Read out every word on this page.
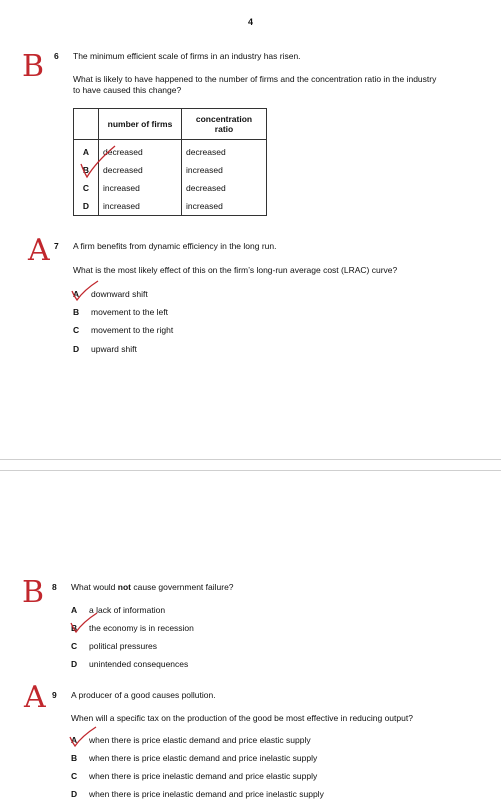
4
B 6 The minimum efficient scale of firms in an industry has risen.
What is likely to have happened to the number of firms and the concentration ratio in the industry
to have caused this change?
	number of firms	concentration
ratio
A	decreased	decreased
B	decreased	increased
C	increased	decreased
D	increased	increased
A 7 A firm benefits from dynamic efficiency in the long run.
What is the most likely effect of this on the firm’s long-run average cost (LRAC) curve?
A downward shift
B movement to the left
C movement to the right
D upward shift
B 8 What would not cause government failure?
A a lack of information
B the economy is in recession
C political pressures
D unintended consequences
A 9 A producer of a good causes pollution.
When will a specific tax on the production of the good be most effective in reducing output?
A when there is price elastic demand and price elastic supply
B when there is price elastic demand and price inelastic supply
C when there is price inelastic demand and price elastic supply
D when there is price inelastic demand and price inelastic supply
